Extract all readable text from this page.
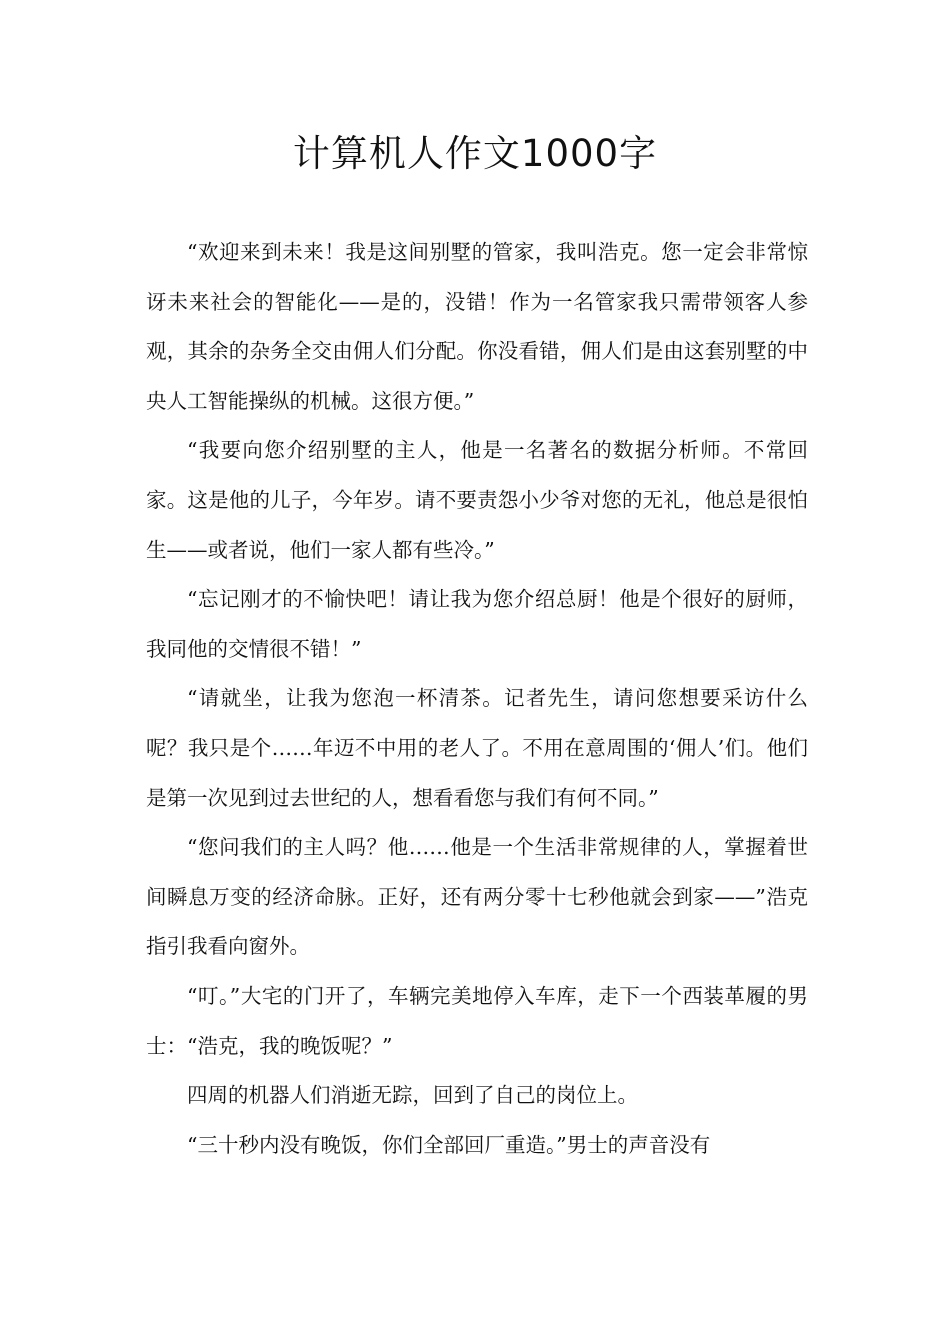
计算机人作文1000字

“欢迎来到未来！我是这间别墅的管家，我叫浩克。您一定会非常惊讶未来社会的智能化——是的，没错！作为一名管家我只需带领客人参观，其余的杂务全交由佣人们分配。你没看错，佣人们是由这套别墅的中央人工智能操纵的机械。这很方便。”

“我要向您介绍别墅的主人，他是一名著名的数据分析师。不常回家。这是他的儿子，今年岁。请不要责怨小少爷对您的无礼，他总是很怕生——或者说，他们一家人都有些冷。”

“忘记刚才的不愉快吧！请让我为您介绍总厨！他是个很好的厨师，我同他的交情很不错！”

“请就坐，让我为您泡一杯清茶。记者先生，请问您想要采访什么呢？我只是个……年迈不中用的老人了。不用在意周围的‘佣人’们。他们是第一次见到过去世纪的人，想看看您与我们有何不同。”

“您问我们的主人吗？他……他是一个生活非常规律的人，掌握着世间瞬息万变的经济命脉。正好，还有两分零十七秒他就会到家——”浩克指引我看向窗外。

“叮。”大宅的门开了，车辆完美地停入车库，走下一个西装革履的男士：“浩克，我的晚饭呢？”

四周的机器人们消逝无踪，回到了自己的岗位上。

“三十秒内没有晚饭，你们全部回厂重造。”男士的声音没有
